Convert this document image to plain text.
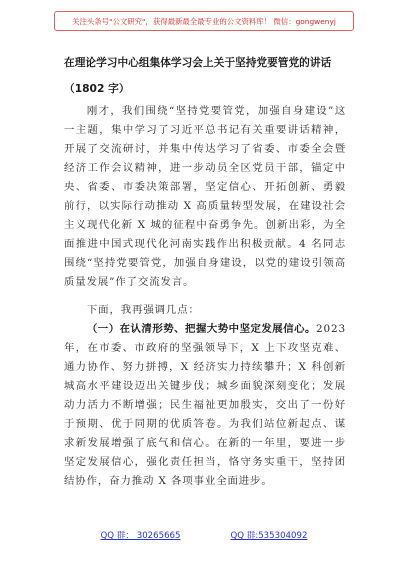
关注头条号"公文研究"，获得最新最全最专业的公文资料库！ 微信：gongwenyj
在理论学习中心组集体学习会上关于坚持党要管党的讲话
（1802 字）

刚才，我们围绕“坚持党要管党，加强自身建设”这一主题，集中学习了习近平总书记有关重要讲话精神，开展了交流研讨，并集中传达学习了省委、市委全会暨经济工作会议精神，进一步动员全区党员干部，锚定中央、省委、市委决策部署，坚定信心、开拓创新、勇毅前行，以实际行动推动 X 高质量转型发展，在建设社会主义现代化新 X 城的征程中奋勇争先。创新出彩，为全面推进中国式现代化河南实践作出积极贡献。4 名同志围绕“坚持党要管党，加强自身建设，以党的建设引领高质量发展”作了交流发言。

下面，我再强调几点：

（一）在认清形势、把握大势中坚定发展信心。2023 年，在市委、市政府的坚强领导下，X 上下攻坚克难、通力协作、努力拼搏，X 经济实力持续攀升；X 科创新城高水平建设迈出关键步伐；城乡面貌深刻变化；发展动力活力不断增强；民生福祉更加殷实，交出了一份好于预期、优于同期的优质答卷。为我们站位新起点、谋求新发展增强了底气和信心。在新的一年里，要进一步坚定发展信心，强化责任担当，恪守务实重干，坚持团结协作，奋力推动 X 各项事业全面进步。

QQ 群： 30265665	QQ 群:535304092
